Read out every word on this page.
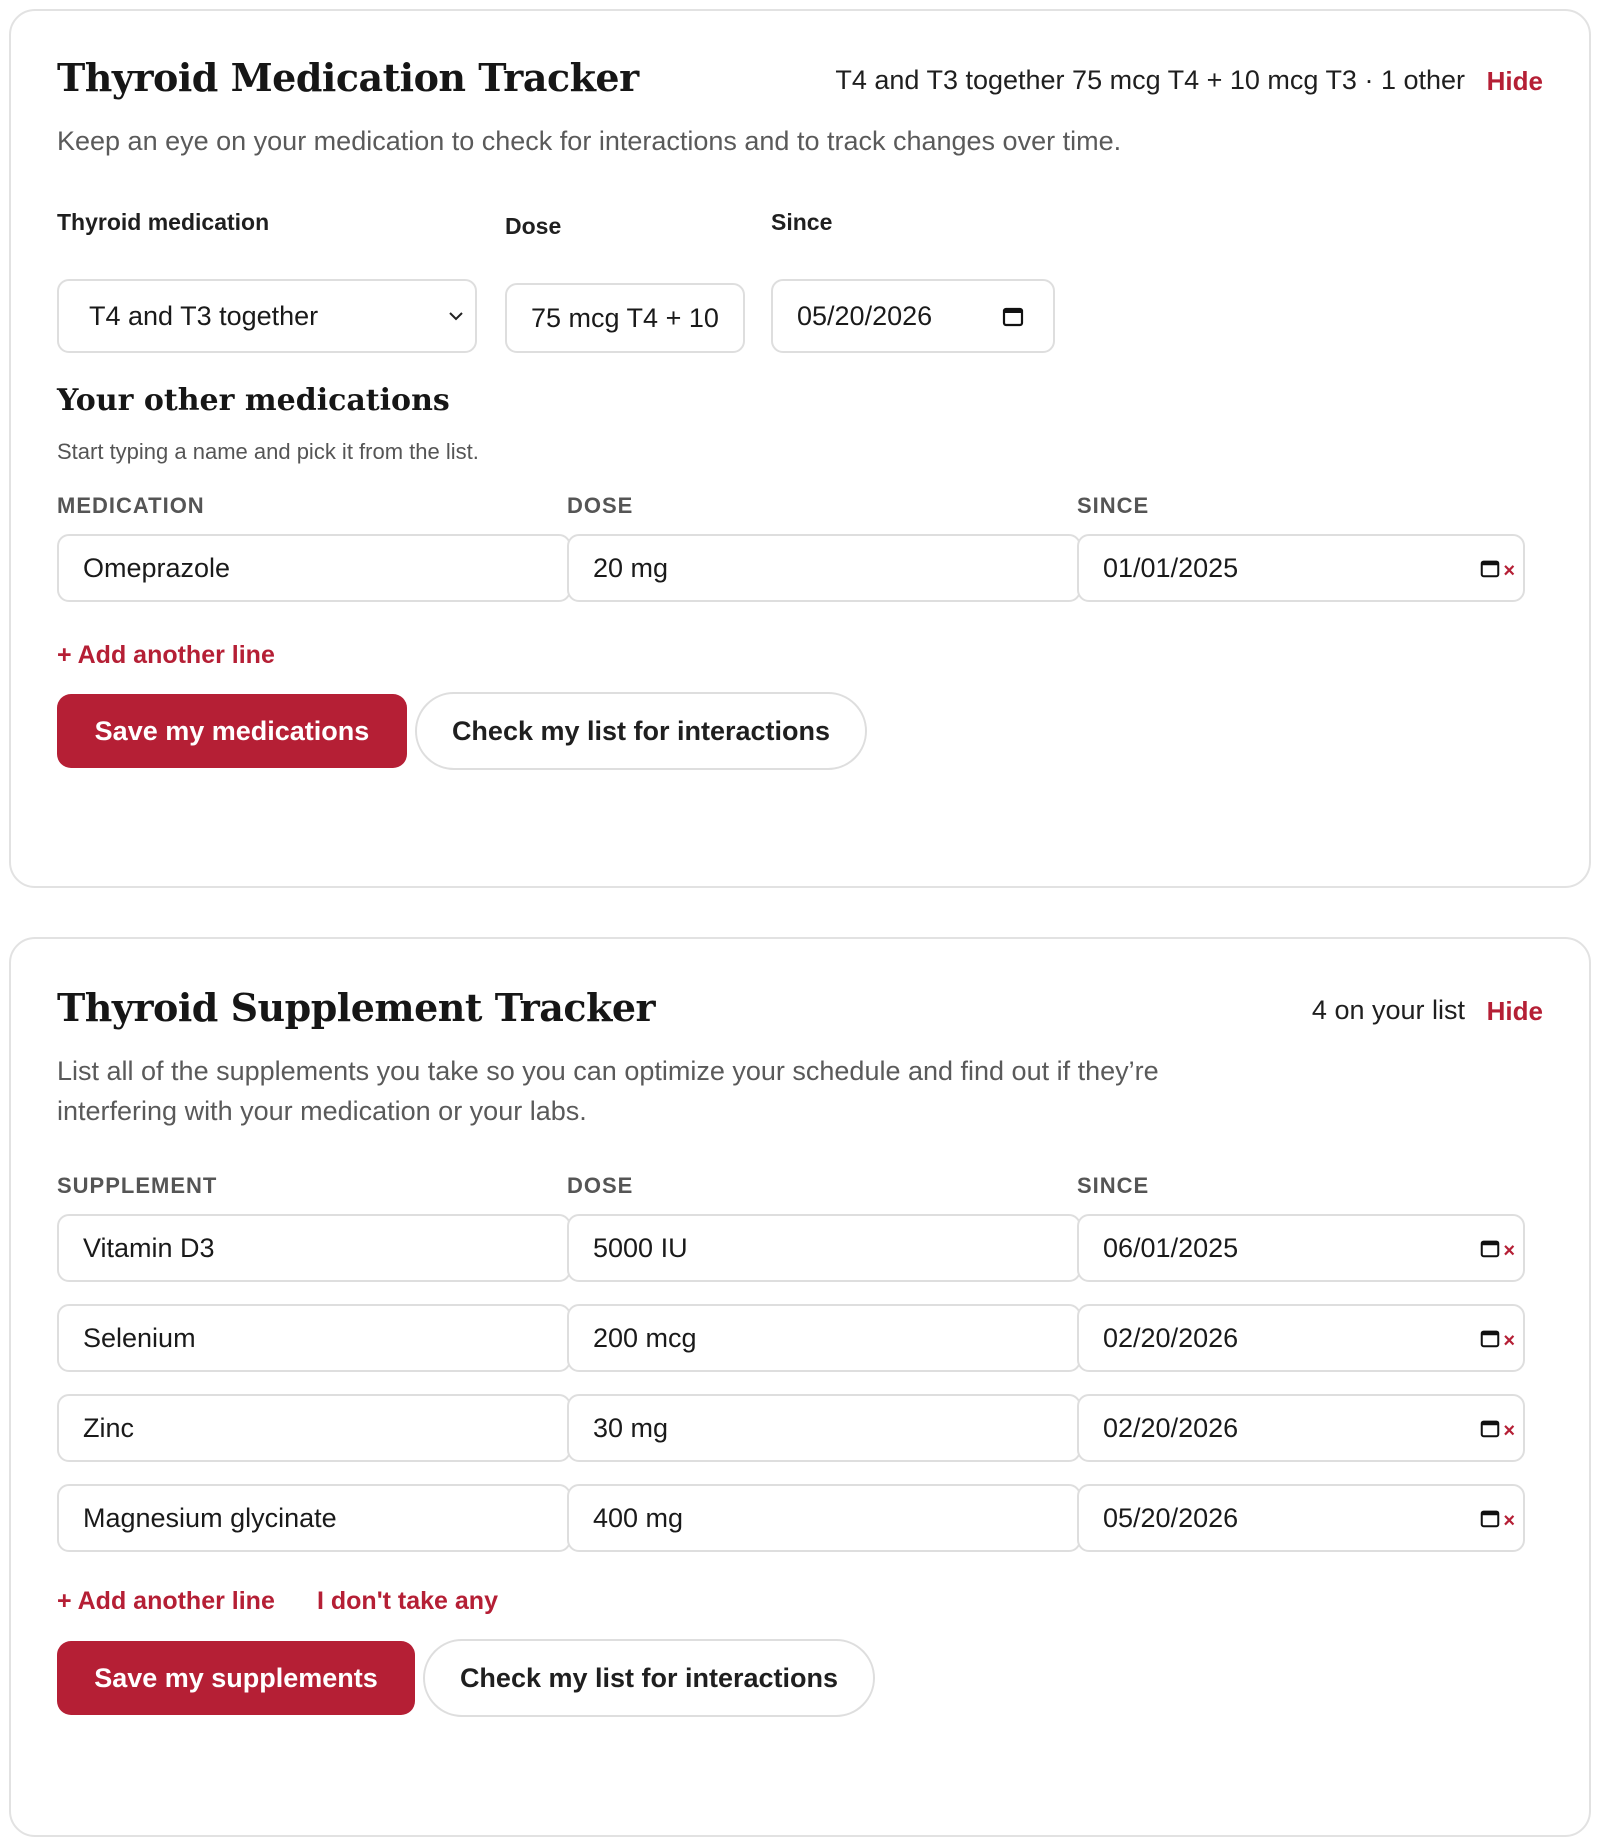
Thyroid Medication Tracker	T4 and T3 together 75 mcg T4 + 10 mcg T3 · 1 other Hide
Keep an eye on your medication to check for interactions and to track changes over time.
Thyroid medication	Dose	Since
T4 and T3 together	75 mcg T4 + 10	05/20/2026
Your other medications
Start typing a name and pick it from the list.
MEDICATION	DOSE	SINCE
Omeprazole	20 mg	01/01/2025	×
+ Add another line
Save my medications	Check my list for interactions
Thyroid Supplement Tracker	4 on your list Hide
List all of the supplements you take so you can optimize your schedule and find out if they’re interfering with your medication or your labs.
SUPPLEMENT	DOSE	SINCE
Vitamin D3	5000 IU	06/01/2025	×
Selenium	200 mcg	02/20/2026	×
Zinc	30 mg	02/20/2026	×
Magnesium glycinate	400 mg	05/20/2026	×
+ Add another line I don't take any
Save my supplements	Check my list for interactions
